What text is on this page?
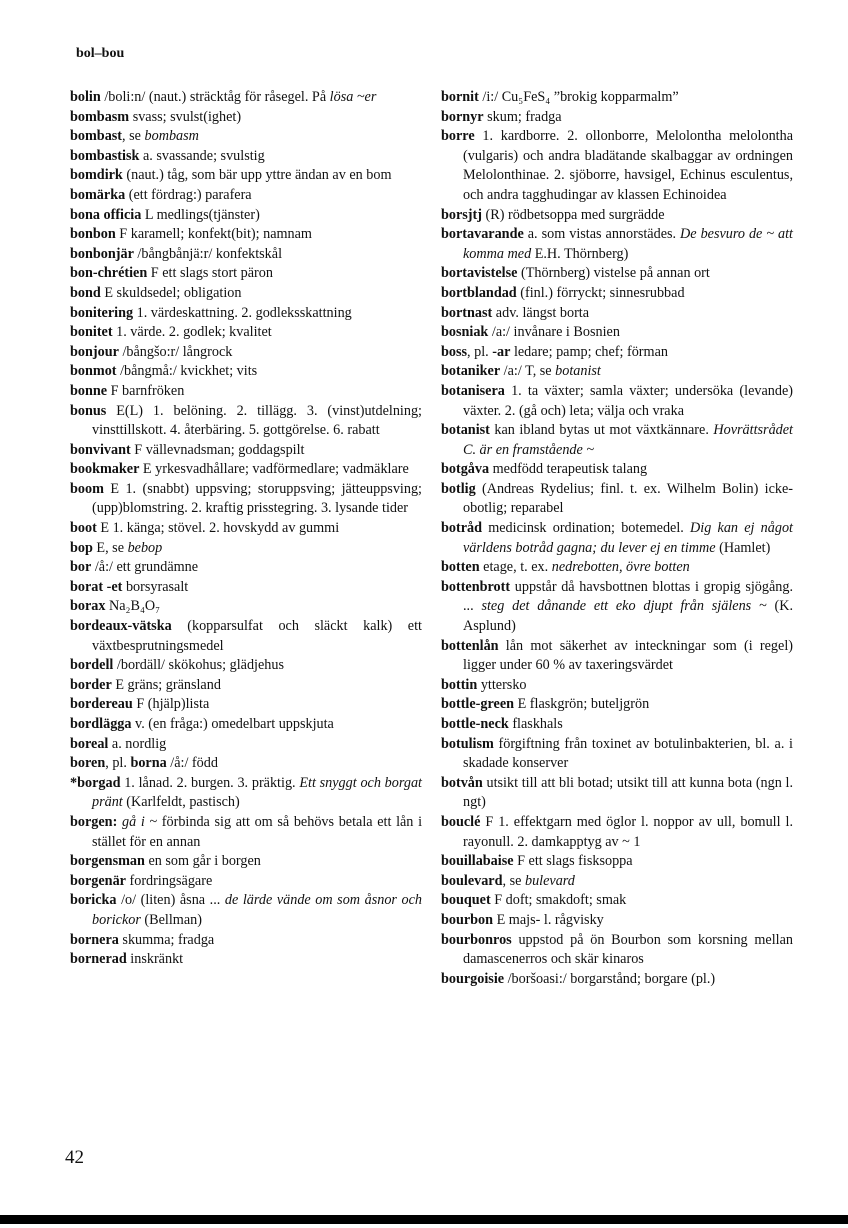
bol–bou

bolin /boli:n/ (naut.) sträcktåg för råsegel. På lösa ~er

bombasm svass; svulst(ighet)

bombast, se bombasm

bombastisk a. svassande; svulstig

bomdirk (naut.) tåg, som bär upp yttre ändan av en bom

bomärka (ett fördrag:) parafera

bona officia L medlings(tjänster)

bonbon F karamell; konfekt(bit); namnam

bonbonjär /bångbånjä:r/ konfektskål

bon-chrétien F ett slags stort päron

bond E skuldsedel; obligation

bonitering 1. värdeskattning. 2. godleksskattning

bonitet 1. värde. 2. godlek; kvalitet

bonjour /bångšo:r/ långrock

bonmot /bångmå:/ kvickhet; vits

bonne F barnfröken

bonus E(L) 1. belöning. 2. tillägg. 3. (vinst)utdelning; vinsttillskott. 4. återbäring. 5. gottgörelse. 6. rabatt

bonvivant F vällevnadsman; goddagspilt

bookmaker E yrkesvadhållare; vadförmedlare; vadmäklare

boom E 1. (snabbt) uppsving; storuppsving; jätteuppsving; (upp)blomstring. 2. kraftig prisstegring. 3. lysande tider

boot E 1. känga; stövel. 2. hovskydd av gummi

bop E, se bebop

bor /å:/ ett grundämne

borat -et borsyrasalt

borax Na₂B₄O₇

bordeaux-vätska (kopparsulfat och släckt kalk) ett växtbesprutningsmedel

bordell /bordäll/ skökohus; glädjehus

border E gräns; gränsland

bordereau F (hjälp)lista

bordlägga v. (en fråga:) omedelbart uppskjuta

boreal a. nordlig

boren, pl. borna /å:/ född

*borgad 1. lånad. 2. burgen. 3. präktig. Ett snyggt och borgat pränt (Karlfeldt, pastisch)

borgen: gå i ~ förbinda sig att om så behövs betala ett lån i stället för en annan

borgensman en som går i borgen

borgenär fordringsägare

boricka /o/ (liten) åsna ... de lärde vände om som åsnor och borickor (Bellman)

bornera skumma; fradga

bornerad inskränkt

bornit /i:/ Cu₅FeS₄ ”brokig kopparmalm”

bornyr skum; fradga

borre 1. kardborre. 2. ollonborre, Melolontha melolontha (vulgaris) och andra bladätande skalbaggar av ordningen Melolonthinae. 2. sjöborre, havsigel, Echinus esculentus, och andra tagghudingar av klassen Echinoidea

borsjtj (R) rödbetsoppa med surgrädde

bortavarande a. som vistas annorstädes. De besvuro de ~ att komma med E.H. Thörnberg)

bortavistelse (Thörnberg) vistelse på annan ort

bortblandad (finl.) förryckt; sinnesrubbad

bortnast adv. längst borta

bosniak /a:/ invånare i Bosnien

boss, pl. -ar ledare; pamp; chef; förman

botaniker /a:/ T, se botanist

botanisera 1. ta växter; samla växter; undersöka (levande) växter. 2. (gå och) leta; välja och vraka

botanist kan ibland bytas ut mot växtkännare. Hovrättsrådet C. är en framstående ~

botgåva medfödd terapeutisk talang

botlig (Andreas Rydelius; finl. t. ex. Wilhelm Bolin) icke-obotlig; reparabel

botråd medicinsk ordination; botemedel. Dig kan ej något världens botråd gagna; du lever ej en timme (Hamlet)

botten etage, t. ex. nedrebotten, övre botten

bottenbrott uppstår då havsbottnen blottas i gropig sjögång. ... steg det dånande ett eko djupt från själens ~ (K. Asplund)

bottenlån lån mot säkerhet av inteckningar som (i regel) ligger under 60 % av taxeringsvärdet

bottin yttersko

bottle-green E flaskgrön; buteljgrön

bottle-neck flaskhals

botulism förgiftning från toxinet av botulinbakterien, bl. a. i skadade konserver

botvån utsikt till att bli botad; utsikt till att kunna bota (ngn l. ngt)

bouclé F 1. effektgarn med öglor l. noppor av ull, bomull l. rayonull. 2. damkapptyg av ~ 1

bouillabaise F ett slags fisksoppa

boulevard, se bulevard

bouquet F doft; smakdoft; smak

bourbon E majs- l. rågvisky

bourbonros uppstod på ön Bourbon som korsning mellan damascenerros och skär kinaros

bourgoisie /boršoasi:/ borgarstånd; borgare (pl.)

42
